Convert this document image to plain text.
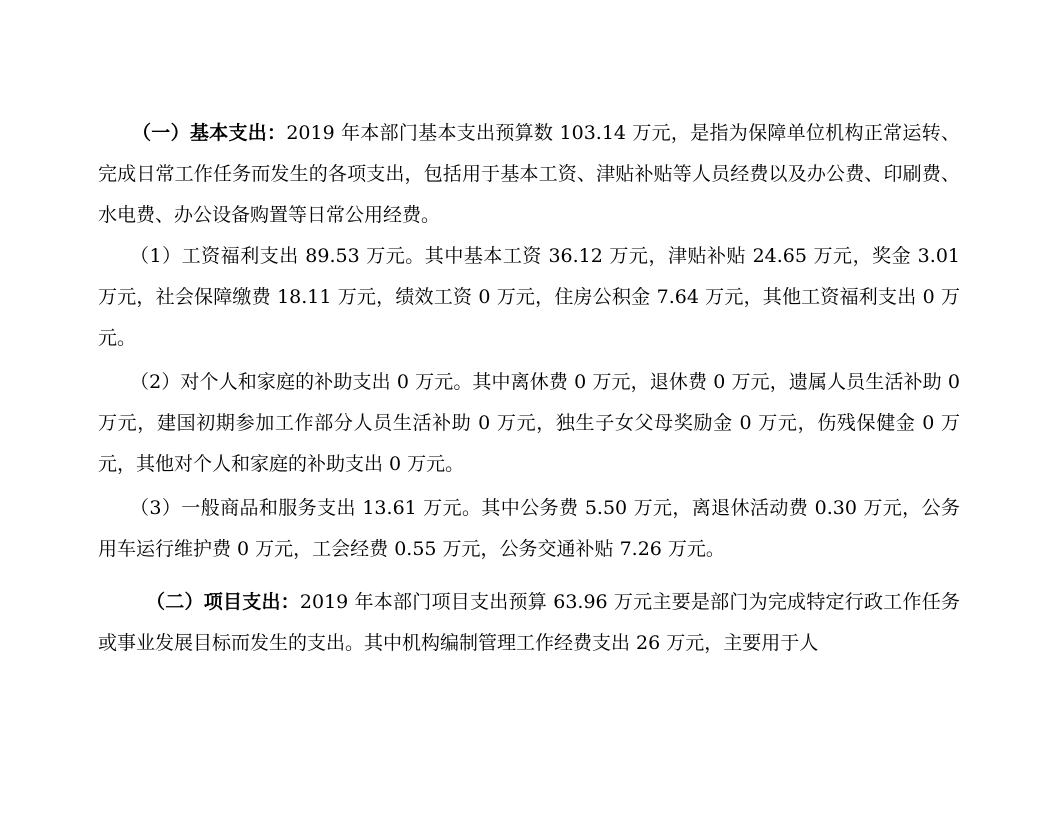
（一）基本支出：2019 年本部门基本支出预算数 103.14 万元，是指为保障单位机构正常运转、完成日常工作任务而发生的各项支出，包括用于基本工资、津贴补贴等人员经费以及办公费、印刷费、水电费、办公设备购置等日常公用经费。

（1）工资福利支出 89.53 万元。其中基本工资 36.12 万元，津贴补贴 24.65 万元，奖金 3.01 万元，社会保障缴费 18.11 万元，绩效工资 0 万元，住房公积金 7.64 万元，其他工资福利支出 0 万元。

（2）对个人和家庭的补助支出 0 万元。其中离休费 0 万元，退休费 0 万元，遗属人员生活补助 0 万元，建国初期参加工作部分人员生活补助 0 万元，独生子女父母奖励金 0 万元，伤残保健金 0 万元，其他对个人和家庭的补助支出 0 万元。

（3）一般商品和服务支出 13.61 万元。其中公务费 5.50 万元，离退休活动费 0.30 万元，公务用车运行维护费 0 万元，工会经费 0.55 万元，公务交通补贴 7.26 万元。

（二）项目支出：2019 年本部门项目支出预算 63.96 万元主要是部门为完成特定行政工作任务或事业发展目标而发生的支出。其中机构编制管理工作经费支出 26 万元，主要用于人
